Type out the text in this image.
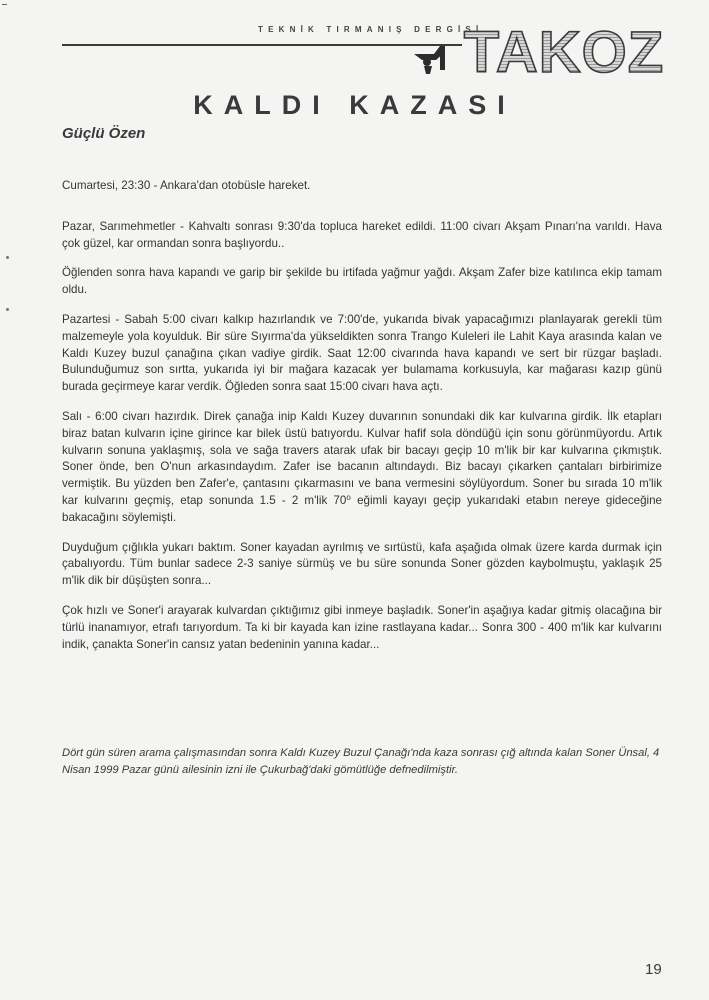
TEKNİK TIRMANIŞ DERGİSİ
TAKOZ
KALDI KAZASI
Güçlü Özen

Cumartesi, 23:30 - Ankara'dan otobüsle hareket.

Pazar, Sarımehmetler - Kahvaltı sonrası 9:30'da topluca hareket edildi. 11:00 civarı Akşam Pınarı'na varıldı. Hava çok güzel, kar ormandan sonra başlıyordu..

Öğlenden sonra hava kapandı ve garip bir şekilde bu irtifada yağmur yağdı. Akşam Zafer bize katılınca ekip tamam oldu.

Pazartesi - Sabah 5:00 civarı kalkıp hazırlandık ve 7:00'de, yukarıda bivak yapacağımızı planlayarak gerekli tüm malzemeyle yola koyulduk. Bir süre Sıyırma'da yükseldikten sonra Trango Kuleleri ile Lahit Kaya arasında kalan ve Kaldı Kuzey buzul çanağına çıkan vadiye girdik. Saat 12:00 civarında hava kapandı ve sert bir rüzgar başladı. Bulunduğumuz son sırtta, yukarıda iyi bir mağara kazacak yer bulamama korkusuyla, kar mağarası kazıp günü burada geçirmeye karar verdik. Öğleden sonra saat 15:00 civarı hava açtı.

Salı - 6:00 civarı hazırdık. Direk çanağa inip Kaldı Kuzey duvarının sonundaki dik kar kulvarına girdik. İlk etapları biraz batan kulvarın içine girince kar bilek üstü batıyordu. Kulvar hafif sola döndüğü için sonu görünmüyordu. Artık kulvarın sonuna yaklaşmış, sola ve sağa travers atarak ufak bir bacayı geçip 10 m'lik bir kar kulvarına çıkmıştık. Soner önde, ben O'nun arkasındaydım. Zafer ise bacanın altındaydı. Biz bacayı çıkarken çantaları birbirimize vermiştik. Bu yüzden ben Zafer'e, çantasını çıkarmasını ve bana vermesini söylüyordum. Soner bu sırada 10 m'lik kar kulvarını geçmiş, etap sonunda 1.5 - 2 m'lik 70⁰ eğimli kayayı geçip yukarıdaki etabın nereye gideceğine bakacağını söylemişti.

Duyduğum çığlıkla yukarı baktım. Soner kayadan ayrılmış ve sırtüstü, kafa aşağıda olmak üzere karda durmak için çabalıyordu. Tüm bunlar sadece 2-3 saniye sürmüş ve bu süre sonunda Soner gözden kaybolmuştu, yaklaşık 25 m'lik dik bir düşüşten sonra...

Çok hızlı ve Soner'i arayarak kulvardan çıktığımız gibi inmeye başladık. Soner'in aşağıya kadar gitmiş olacağına bir türlü inanamıyor, etrafı tarıyordum. Ta ki bir kayada kan izine rastlayana kadar... Sonra 300 - 400 m'lik kar kulvarını indik, çanakta Soner'in cansız yatan bedeninin yanına kadar...

Dört gün süren arama çalışmasından sonra Kaldı Kuzey Buzul Çanağı'nda kaza sonrası çığ altında kalan Soner Ünsal, 4 Nisan 1999 Pazar günü ailesinin izni ile Çukurbağ'daki gömütlüğe defnedilmiştir.
19
